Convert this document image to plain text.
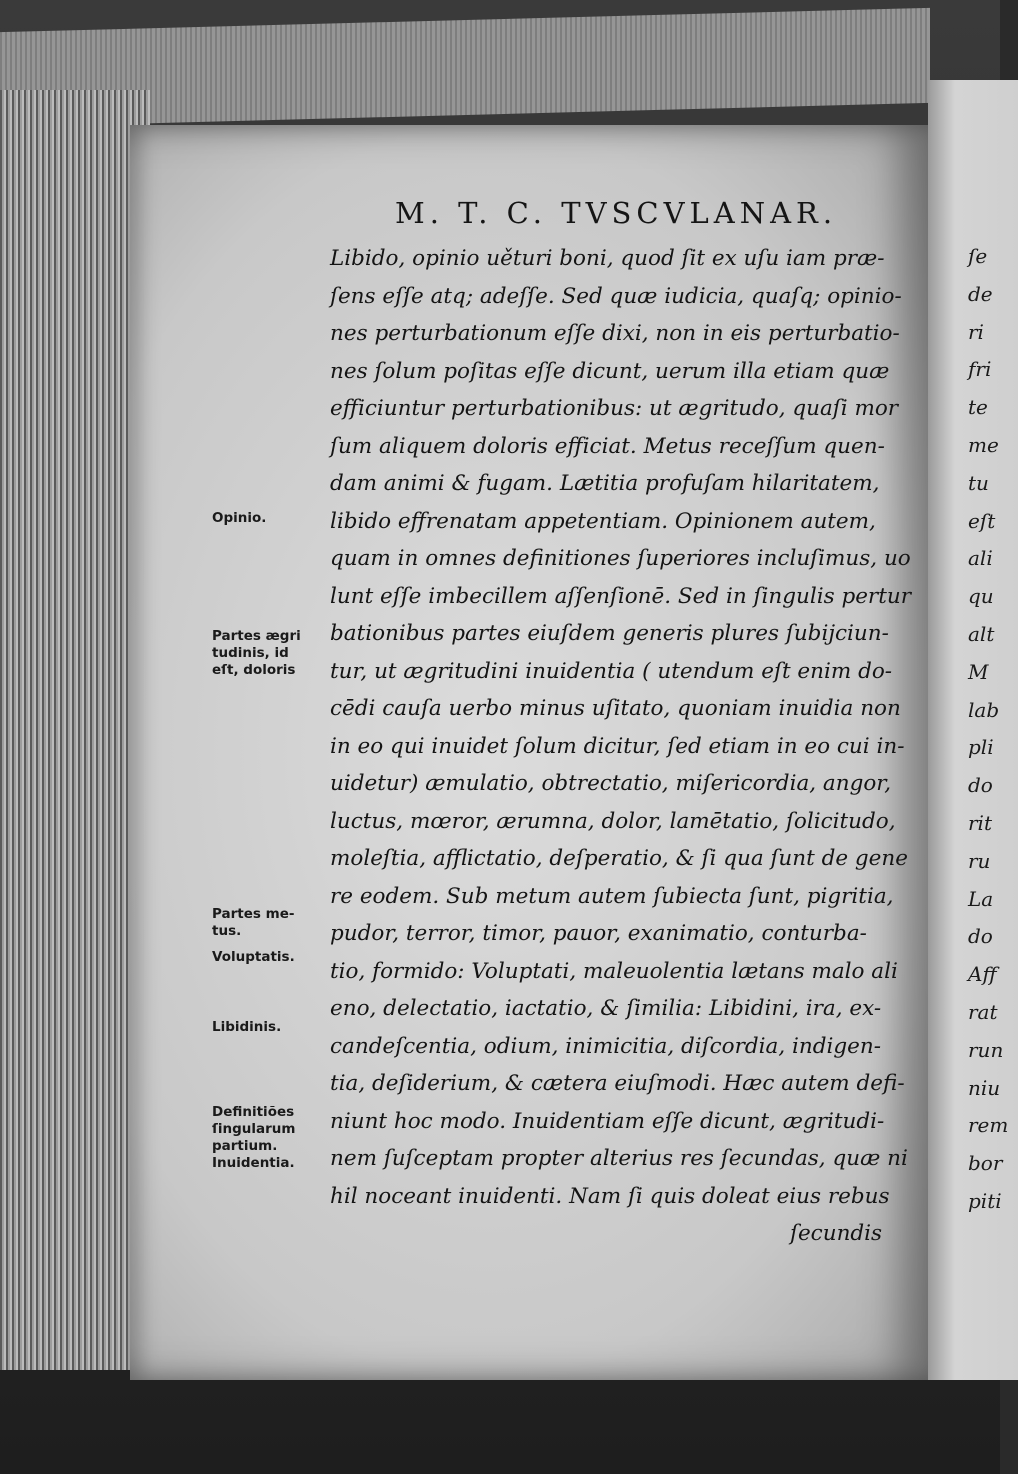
M. T. C. TVSCVLANAR.
Libido, opinio uěturi boni, quod ſit ex uſu iam præ-
ſens eſſe atq; adeſſe. Sed quæ iudicia, quaſq; opinio-
nes perturbationum eſſe dixi, non in eis perturbatio-
nes ſolum poſitas eſſe dicunt, uerum illa etiam quæ
efficiuntur perturbationibus: ut ægritudo, quaſi mor
ſum aliquem doloris efficiat. Metus receſſum quen-
dam animi & fugam. Lætitia profuſam hilaritatem,
libido effrenatam appetentiam. Opinionem autem,
quam in omnes definitiones ſuperiores incluſimus, uo
lunt eſſe imbecillem aſſenſionē. Sed in ſingulis pertur
bationibus partes eiuſdem generis plures ſubijciun-
tur, ut ægritudini inuidentia ( utendum eſt enim do-
cēdi cauſa uerbo minus uſitato, quoniam inuidia non
in eo qui inuidet ſolum dicitur, ſed etiam in eo cui in-
uidetur) æmulatio, obtrectatio, miſericordia, angor,
luctus, mœror, ærumna, dolor, lamētatio, ſolicitudo,
moleſtia, afflictatio, deſperatio, & ſi qua ſunt de gene
re eodem. Sub metum autem ſubiecta ſunt, pigritia,
pudor, terror, timor, pauor, exanimatio, conturba-
tio, formido: Voluptati, maleuolentia lætans malo ali
eno, delectatio, iactatio, & ſimilia: Libidini, ira, ex-
candeſcentia, odium, inimicitia, diſcordia, indigen-
tia, deſiderium, & cætera eiuſmodi. Hæc autem defi-
niunt hoc modo. Inuidentiam eſſe dicunt, ægritudi-
nem ſuſceptam propter alterius res ſecundas, quæ ni
hil noceant inuidenti. Nam ſi quis doleat eius rebus
ſecundis
Opinio.
Partes ægri
tudinis, id
eſt, doloris
Partes me-
tus.
Voluptatis.
Libidinis.
Definitiões
ſingularum
partium.
Inuidentia.
ſe
de
ri
fri
te
me
tu
eſt
ali
qu
alt
M
lab
pli
do
rit
ru
La
do
Aff
rat
run
niu
rem
bor
piti
